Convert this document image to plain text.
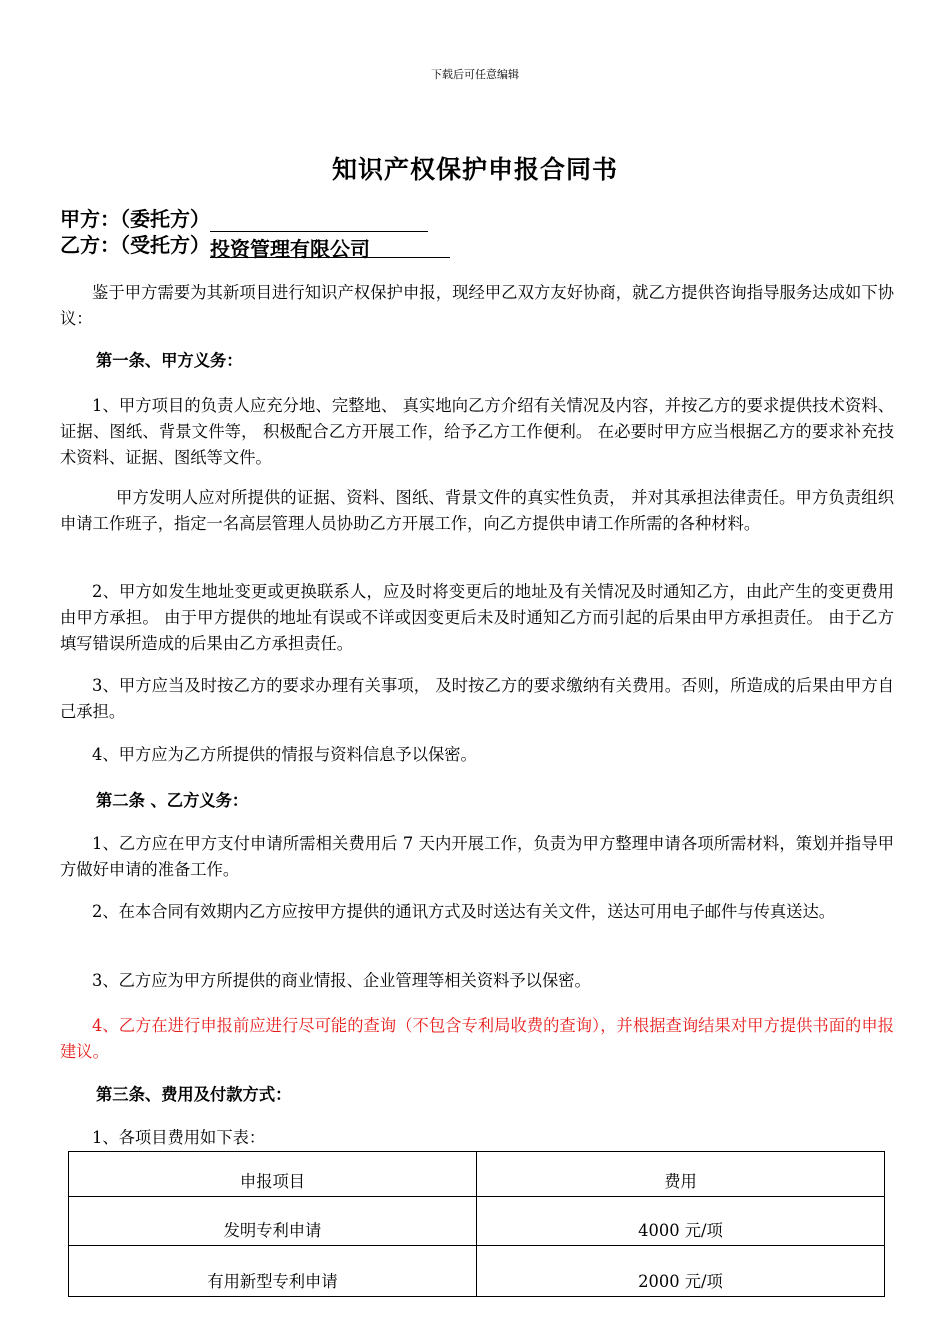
下载后可任意编辑
知识产权保护申报合同书
甲方：（委托方）
乙方：（受托方）投资管理有限公司
鉴于甲方需要为其新项目进行知识产权保护申报，现经甲乙双方友好协商，就乙方提供咨询指导服务达成如下协议：
第一条、甲方义务：
1、甲方项目的负责人应充分地、完整地、 真实地向乙方介绍有关情况及内容，并按乙方的要求提供技术资料、证据、图纸、背景文件等， 积极配合乙方开展工作，给予乙方工作便利。 在必要时甲方应当根据乙方的要求补充技术资料、证据、图纸等文件。
甲方发明人应对所提供的证据、资料、图纸、背景文件的真实性负责， 并对其承担法律责任。甲方负责组织申请工作班子，指定一名高层管理人员协助乙方开展工作，向乙方提供申请工作所需的各种材料。
2、甲方如发生地址变更或更换联系人，应及时将变更后的地址及有关情况及时通知乙方，由此产生的变更费用由甲方承担。 由于甲方提供的地址有误或不详或因变更后未及时通知乙方而引起的后果由甲方承担责任。 由于乙方填写错误所造成的后果由乙方承担责任。
3、甲方应当及时按乙方的要求办理有关事项， 及时按乙方的要求缴纳有关费用。否则，所造成的后果由甲方自己承担。
4、甲方应为乙方所提供的情报与资料信息予以保密。
第二条 、乙方义务：
1、乙方应在甲方支付申请所需相关费用后 7 天内开展工作，负责为甲方整理申请各项所需材料，策划并指导甲方做好申请的准备工作。
2、在本合同有效期内乙方应按甲方提供的通讯方式及时送达有关文件，送达可用电子邮件与传真送达。
3、乙方应为甲方所提供的商业情报、企业管理等相关资料予以保密。
4、乙方在进行申报前应进行尽可能的查询（不包含专利局收费的查询），并根据查询结果对甲方提供书面的申报建议。
第三条、费用及付款方式：
1、各项目费用如下表：
申报项目	费用
发明专利申请	4000 元/项
有用新型专利申请	2000 元/项
